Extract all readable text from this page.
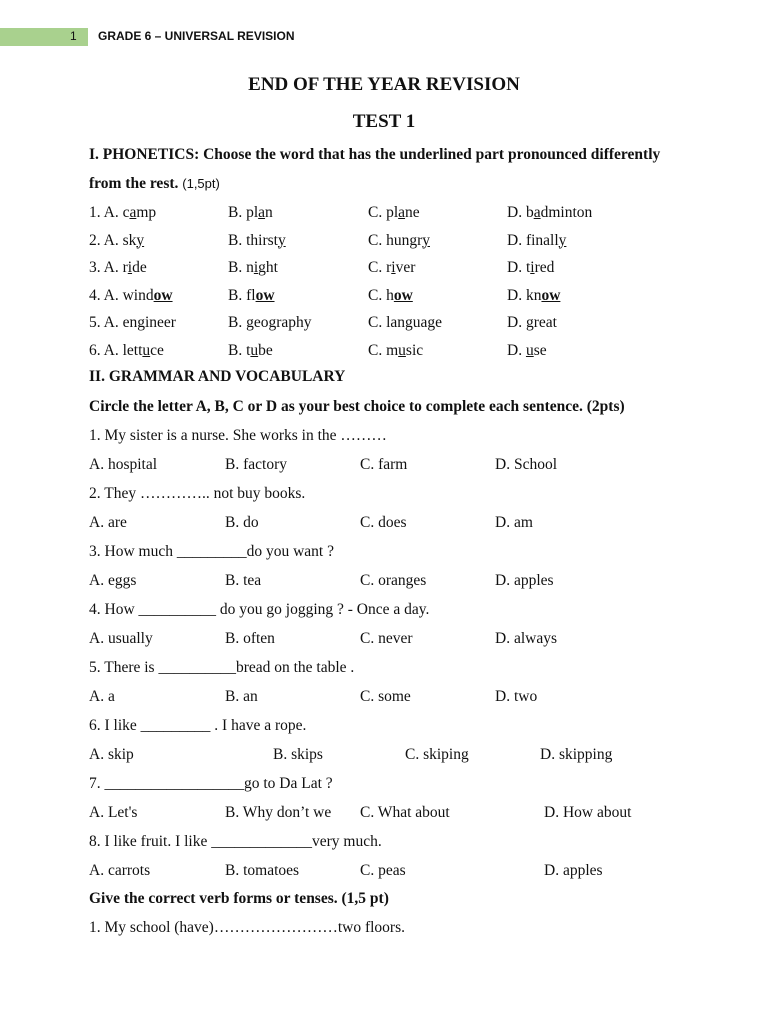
1 GRADE 6 – UNIVERSAL REVISION
END OF THE YEAR REVISION
TEST 1
I. PHONETICS: Choose the word that has the underlined part pronounced differently
from the rest. (1,5pt)
1. A. camp	B. plan	C. plane	D. badminton
2. A. sky	B. thirsty	C. hungry	D. finally
3. A. ride	B. night	C. river	D. tired
4. A. window	B. flow	C. how	D. know
5. A. engineer	B. geography	C. language	D. great
6. A. lettuce	B. tube	C. music	D. use
II. GRAMMAR AND VOCABULARY
Circle the letter A, B, C or D as your best choice to complete each sentence. (2pts)
1. My sister is a nurse. She works in the ………
A. hospital	B. factory	C. farm	D. School
2. They ………….. not buy books.
A. are	B. do	C. does	D. am
3. How much _________do you want ?
A. eggs	B. tea	C. oranges	D. apples
4. How __________ do you go jogging ? - Once a day.
A. usually	B. often	C. never	D. always
5. There is __________bread on the table .
A. a	B. an	C. some	D. two
6. I like _________ . I have a rope.
A. skip	B. skips	C. skiping	D. skipping
7. __________________go to Da Lat ?
A. Let's	B. Why don’t we C. What about	D. How about
8. I like fruit. I like _____________very much.
A. carrots	B. tomatoes	C. peas	D. apples
Give the correct verb forms or tenses. (1,5 pt)
1. My school (have)……………………two floors.
